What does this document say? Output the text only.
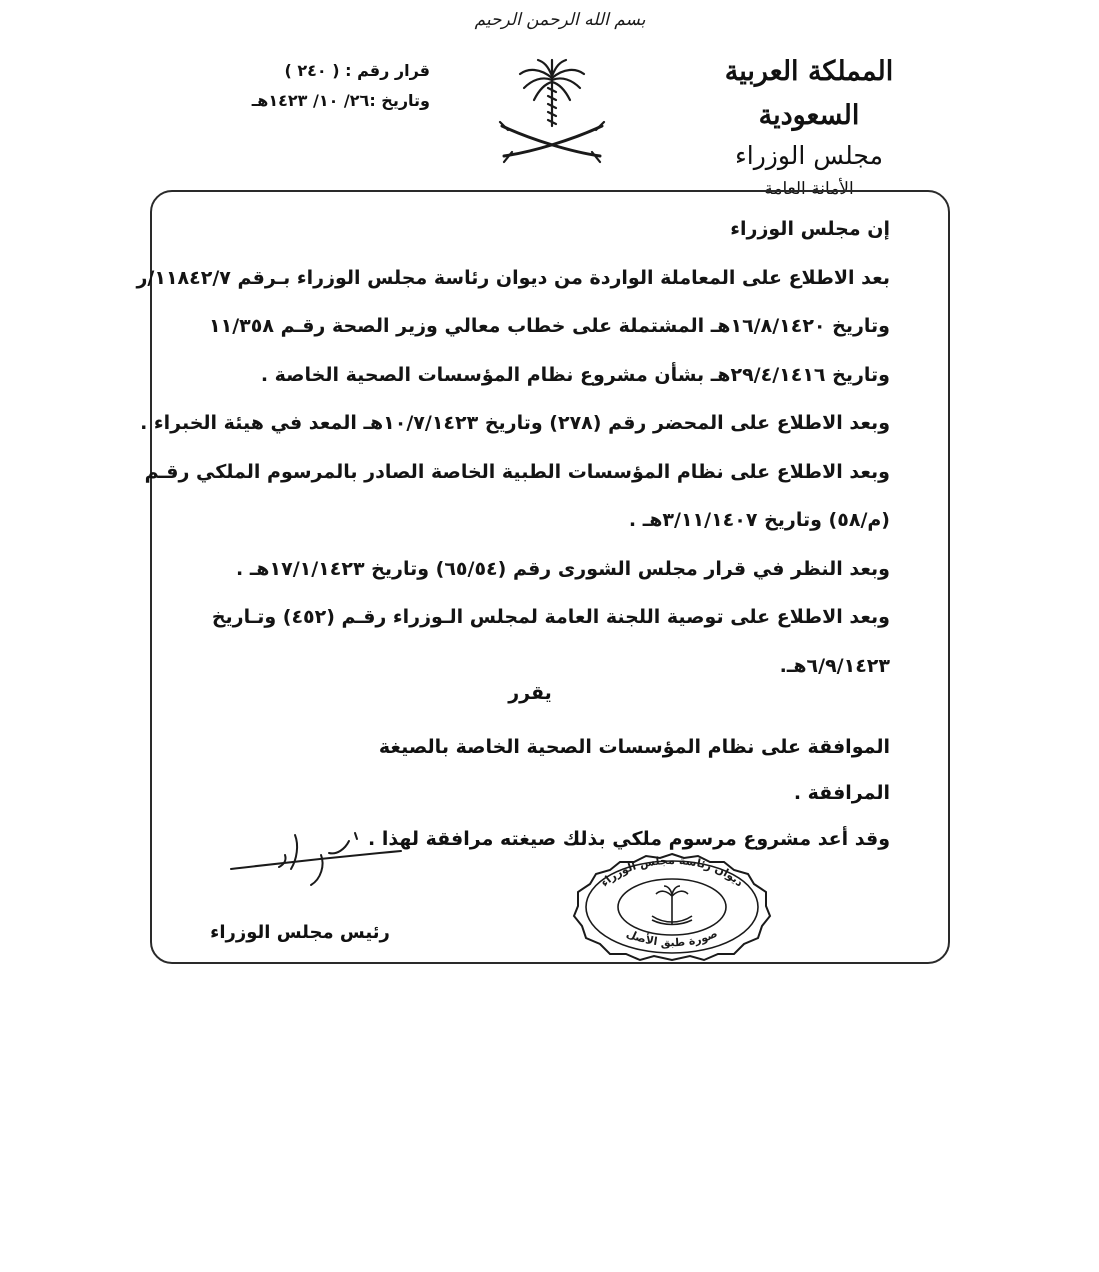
بسم الله الرحمن الرحيم
المملكة العربية السعودية
مجلس الوزراء
الأمانة العامة
قرار رقم : ( ٢٤٠ )
وتاريخ :٢٦/ ١٠/ ١٤٢٣هـ

إن مجلس الوزراء

بعد الاطلاع على المعاملة الواردة من ديوان رئاسة مجلس الوزراء بـرقم ١١٨٤٢/٧/ر

وتاريخ ١٦/٨/١٤٢٠هـ المشتملة على خطاب معالي وزير الصحة رقـم ١١/٣٥٨

وتاريخ ٢٩/٤/١٤١٦هـ بشأن مشروع نظام المؤسسات الصحية الخاصة .

وبعد الاطلاع على المحضر رقم (٢٧٨) وتاريخ ١٠/٧/١٤٢٣هـ المعد في هيئة الخبراء .

وبعد الاطلاع على نظام المؤسسات الطبية الخاصة الصادر بالمرسوم الملكي رقـم

(م/٥٨) وتاريخ ٣/١١/١٤٠٧هـ .

وبعد النظر في قرار مجلس الشورى رقم (٦٥/٥٤) وتاريخ ١٧/١/١٤٢٣هـ .

وبعد الاطلاع على توصية اللجنة العامة لمجلس الـوزراء رقـم (٤٥٢) وتـاريخ

٦/٩/١٤٢٣هـ.

يقرر

الموافقة على نظام المؤسسات الصحية الخاصة بالصيغة المرافقة .

وقد أعد مشروع مرسوم ملكي بذلك صيغته مرافقة لهذا .

رئيس مجلس الوزراء
ديوان رئاسة مجلس الوزراء
صورة طبق الأصل
